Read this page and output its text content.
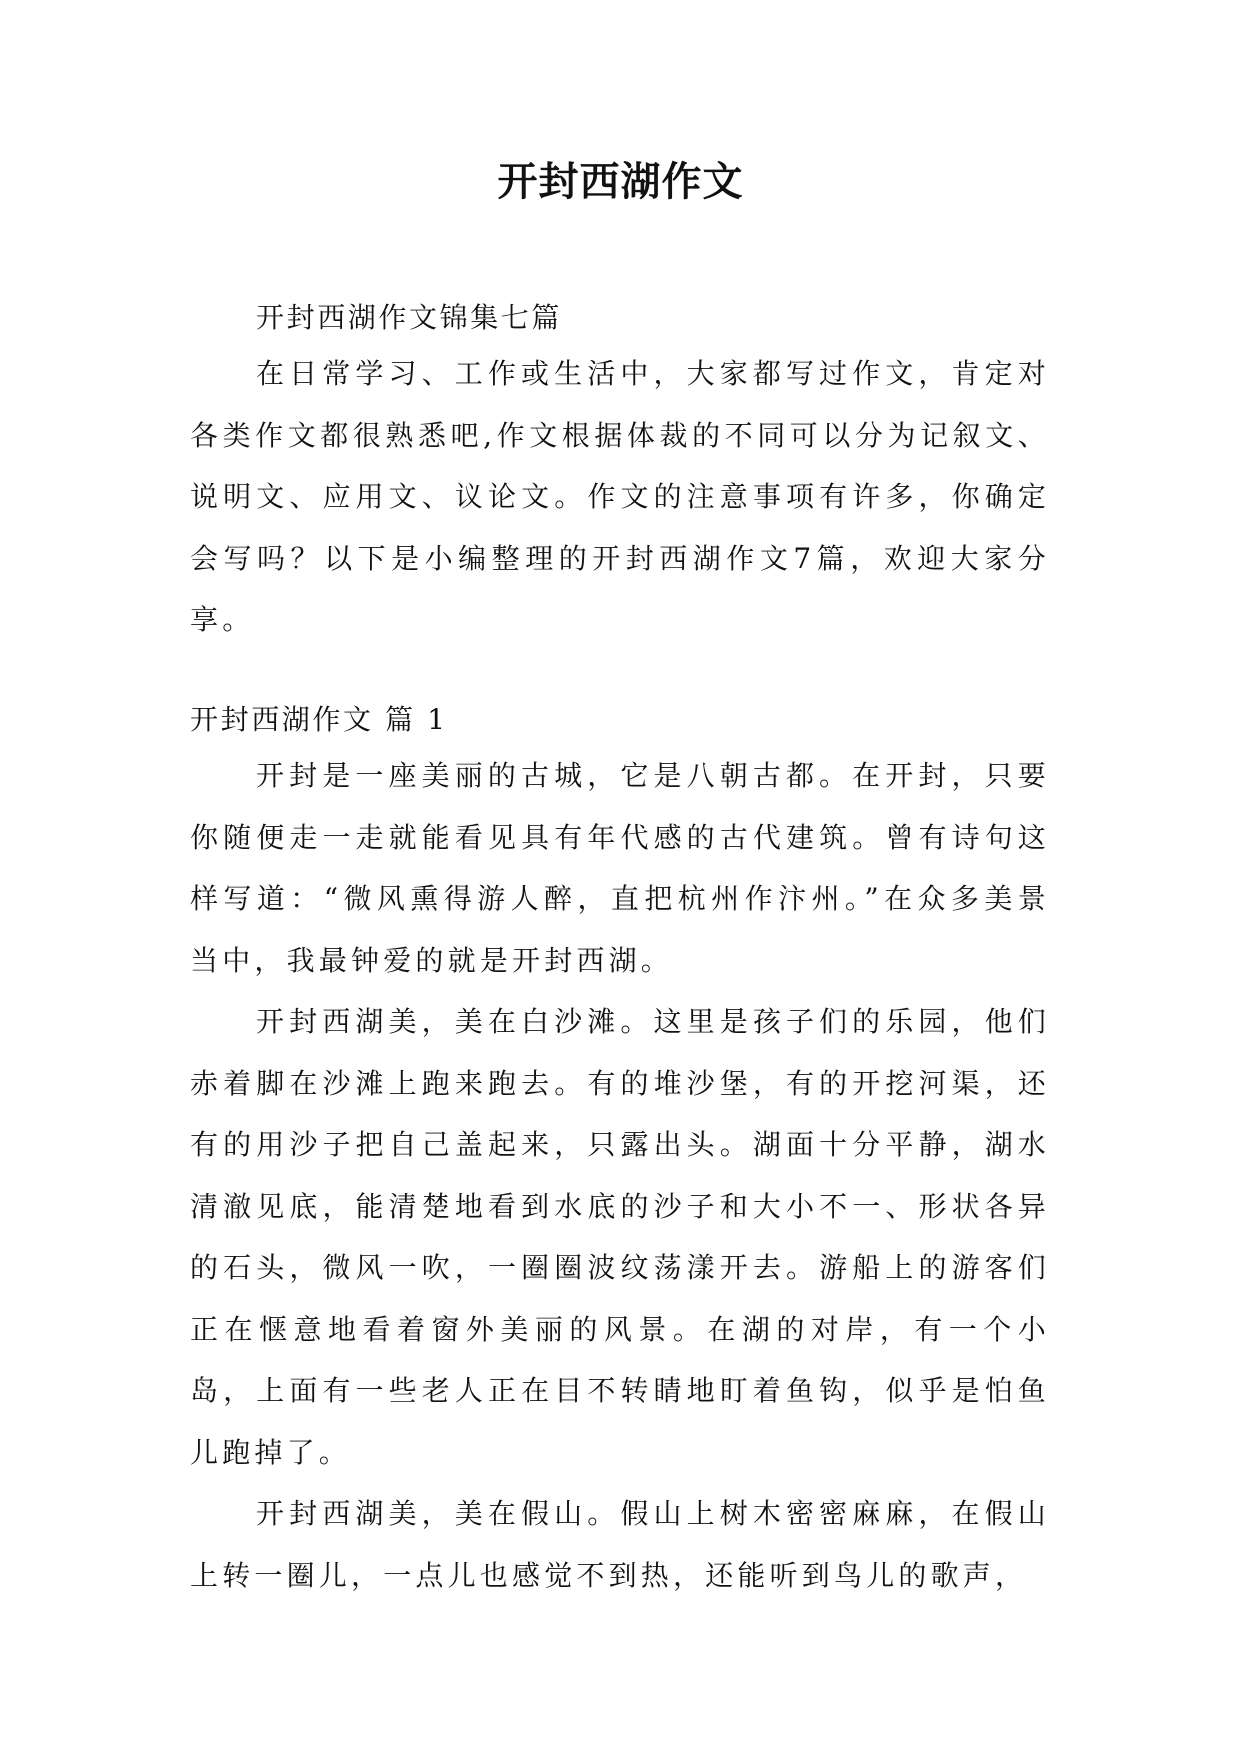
开封西湖作文
开封西湖作文锦集七篇
在日常学习、工作或生活中，大家都写过作文，肯定对各类作文都很熟悉吧,作文根据体裁的不同可以分为记叙文、说明文、应用文、议论文。作文的注意事项有许多，你确定会写吗？以下是小编整理的开封西湖作文7篇，欢迎大家分享。
开封西湖作文 篇 1

开封是一座美丽的古城，它是八朝古都。在开封，只要你随便走一走就能看见具有年代感的古代建筑。曾有诗句这样写道：“微风熏得游人醉，直把杭州作汴州。”在众多美景当中，我最钟爱的就是开封西湖。

开封西湖美，美在白沙滩。这里是孩子们的乐园，他们赤着脚在沙滩上跑来跑去。有的堆沙堡，有的开挖河渠，还有的用沙子把自己盖起来，只露出头。湖面十分平静，湖水清澈见底，能清楚地看到水底的沙子和大小不一、形状各异的石头，微风一吹，一圈圈波纹荡漾开去。游船上的游客们正在惬意地看着窗外美丽的风景。在湖的对岸，有一个小岛，上面有一些老人正在目不转睛地盯着鱼钩，似乎是怕鱼儿跑掉了。

开封西湖美，美在假山。假山上树木密密麻麻，在假山上转一圈儿，一点儿也感觉不到热，还能听到鸟儿的歌声，
